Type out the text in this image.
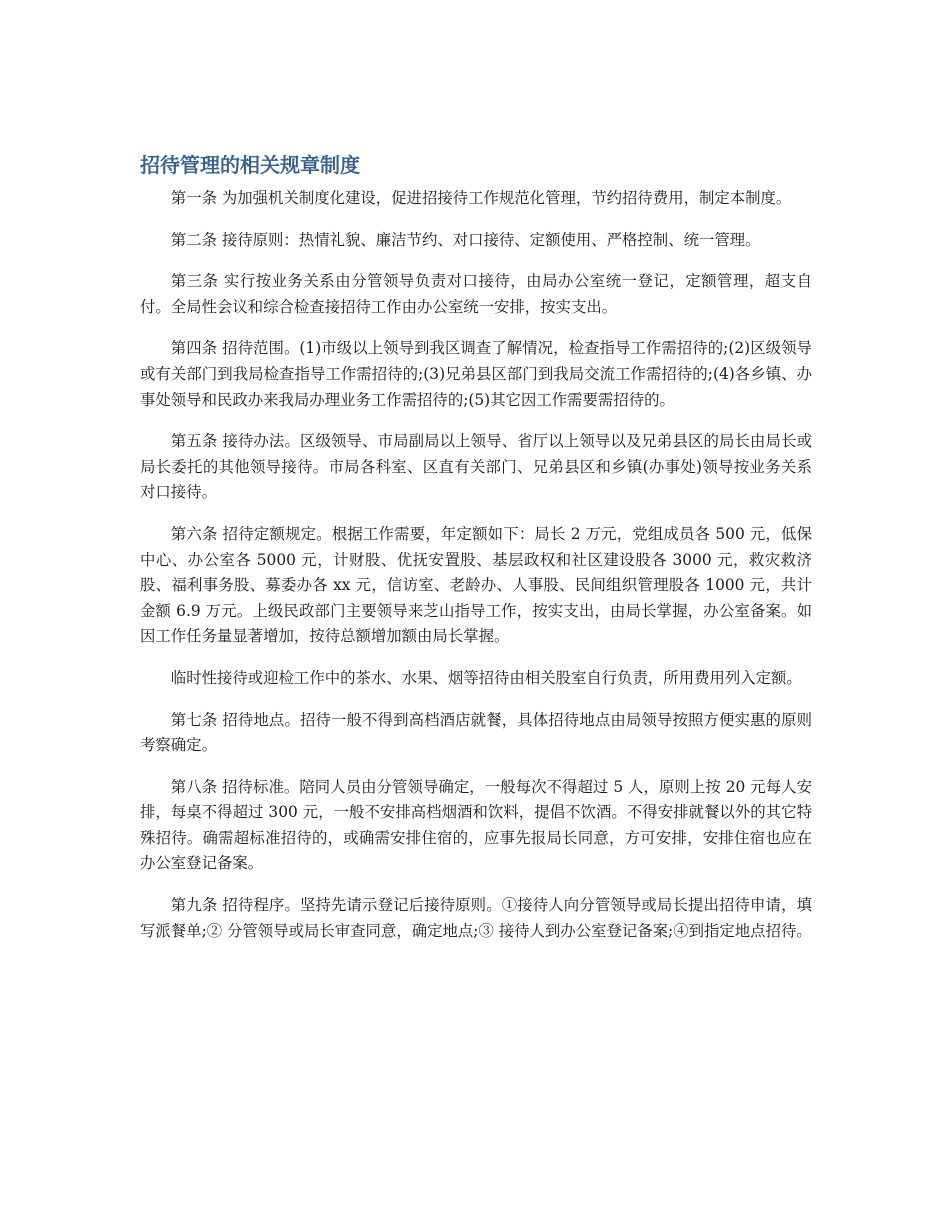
招待管理的相关规章制度

第一条 为加强机关制度化建设，促进招接待工作规范化管理，节约招待费用，制定本制度。

第二条 接待原则：热情礼貌、廉洁节约、对口接待、定额使用、严格控制、统一管理。

第三条 实行按业务关系由分管领导负责对口接待，由局办公室统一登记，定额管理，超支自付。全局性会议和综合检查接招待工作由办公室统一安排，按实支出。

第四条 招待范围。(1)市级以上领导到我区调查了解情况，检查指导工作需招待的;(2)区级领导或有关部门到我局检查指导工作需招待的;(3)兄弟县区部门到我局交流工作需招待的;(4)各乡镇、办事处领导和民政办来我局办理业务工作需招待的;(5)其它因工作需要需招待的。

第五条 接待办法。区级领导、市局副局以上领导、省厅以上领导以及兄弟县区的局长由局长或局长委托的其他领导接待。市局各科室、区直有关部门、兄弟县区和乡镇(办事处)领导按业务关系对口接待。

第六条 招待定额规定。根据工作需要，年定额如下：局长 2 万元，党组成员各 500 元，低保中心、办公室各 5000 元，计财股、优抚安置股、基层政权和社区建设股各 3000 元，救灾救济股、福利事务股、募委办各 xx 元，信访室、老龄办、人事股、民间组织管理股各 1000 元，共计金额 6.9 万元。上级民政部门主要领导来芝山指导工作，按实支出，由局长掌握，办公室备案。如因工作任务量显著增加，按待总额增加额由局长掌握。

临时性接待或迎检工作中的茶水、水果、烟等招待由相关股室自行负责，所用费用列入定额。

第七条 招待地点。招待一般不得到高档酒店就餐，具体招待地点由局领导按照方便实惠的原则考察确定。

第八条 招待标准。陪同人员由分管领导确定，一般每次不得超过 5 人，原则上按 20 元每人安排，每桌不得超过 300 元，一般不安排高档烟酒和饮料，提倡不饮酒。不得安排就餐以外的其它特殊招待。确需超标准招待的，或确需安排住宿的，应事先报局长同意，方可安排，安排住宿也应在办公室登记备案。

第九条 招待程序。坚持先请示登记后接待原则。①接待人向分管领导或局长提出招待申请，填写派餐单;② 分管领导或局长审查同意，确定地点;③ 接待人到办公室登记备案;④到指定地点招待。
